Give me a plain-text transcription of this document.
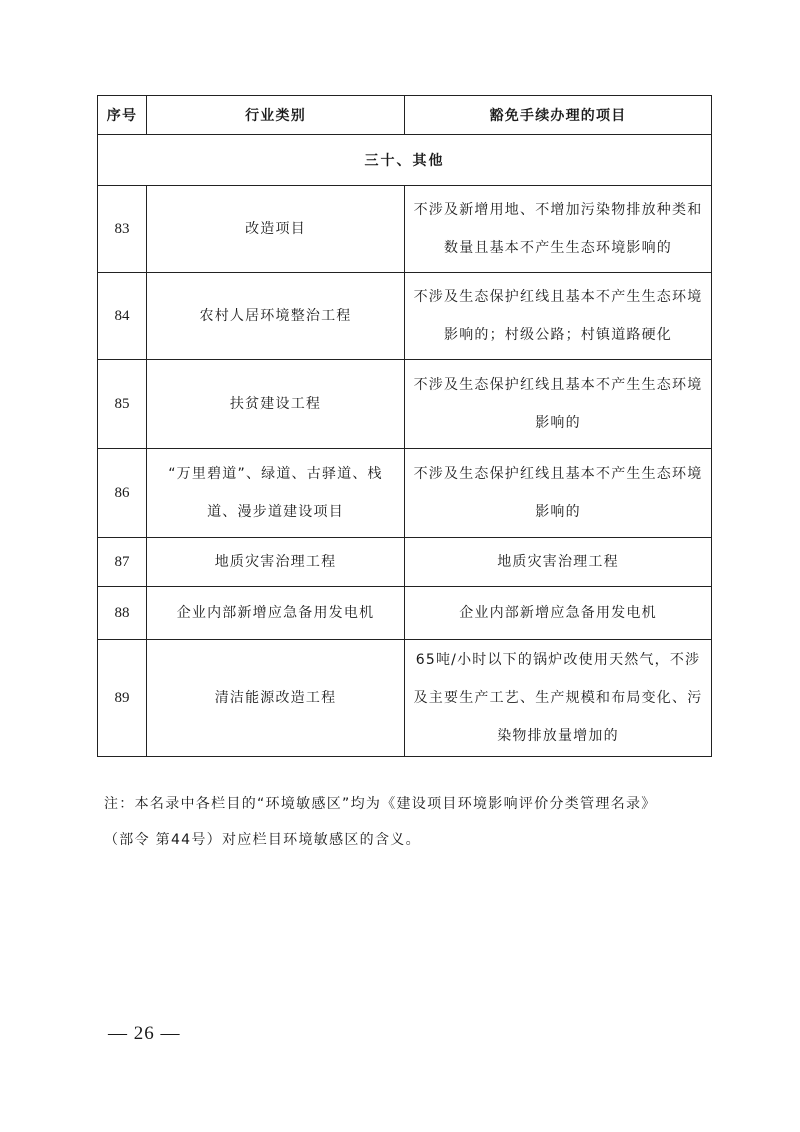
序号	行业类别	豁免手续办理的项目
三十、其他		
83	改造项目	不涉及新增用地、不增加污染物排放种类和数量且基本不产生生态环境影响的
84	农村人居环境整治工程	不涉及生态保护红线且基本不产生生态环境影响的；村级公路；村镇道路硬化
85	扶贫建设工程	不涉及生态保护红线且基本不产生生态环境影响的
86	“万里碧道”、绿道、古驿道、栈道、漫步道建设项目	不涉及生态保护红线且基本不产生生态环境影响的
87	地质灾害治理工程	地质灾害治理工程
88	企业内部新增应急备用发电机	企业内部新增应急备用发电机
89	清洁能源改造工程	65吨/小时以下的锅炉改使用天然气，不涉及主要生产工艺、生产规模和布局变化、污染物排放量增加的
注：本名录中各栏目的“环境敏感区”均为《建设项目环境影响评价分类管理名录》
（部令 第44号）对应栏目环境敏感区的含义。
— 26 —
